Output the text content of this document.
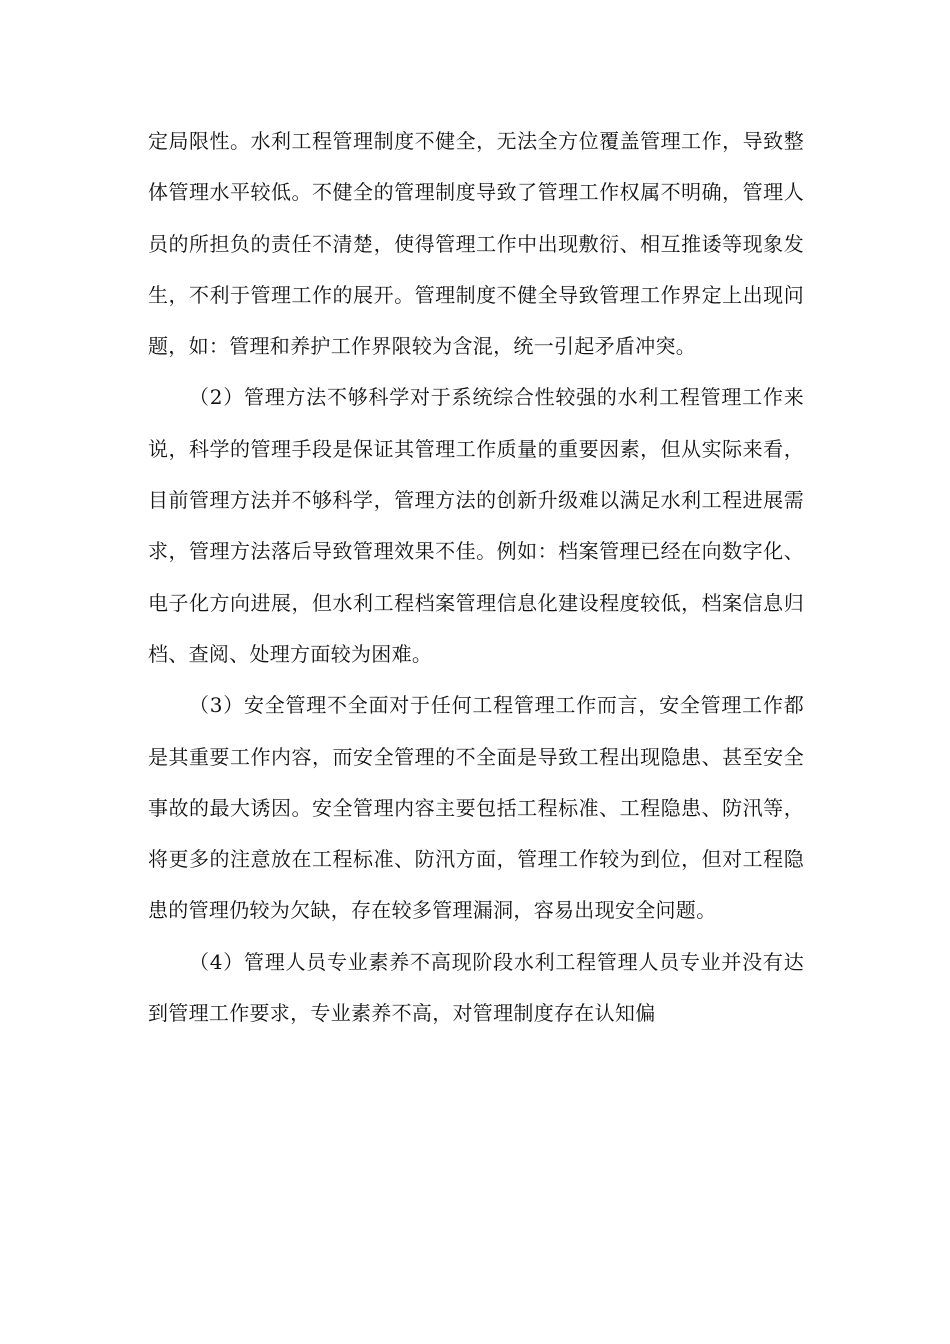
定局限性。水利工程管理制度不健全，无法全方位覆盖管理工作，导致整体管理水平较低。不健全的管理制度导致了管理工作权属不明确，管理人员的所担负的责任不清楚，使得管理工作中出现敷衍、相互推诿等现象发生，不利于管理工作的展开。管理制度不健全导致管理工作界定上出现问题，如：管理和养护工作界限较为含混，统一引起矛盾冲突。

（2）管理方法不够科学对于系统综合性较强的水利工程管理工作来说，科学的管理手段是保证其管理工作质量的重要因素，但从实际来看，目前管理方法并不够科学，管理方法的创新升级难以满足水利工程进展需求，管理方法落后导致管理效果不佳。例如：档案管理已经在向数字化、电子化方向进展，但水利工程档案管理信息化建设程度较低，档案信息归档、查阅、处理方面较为困难。

（3）安全管理不全面对于任何工程管理工作而言，安全管理工作都是其重要工作内容，而安全管理的不全面是导致工程出现隐患、甚至安全事故的最大诱因。安全管理内容主要包括工程标准、工程隐患、防汛等，将更多的注意放在工程标准、防汛方面，管理工作较为到位，但对工程隐患的管理仍较为欠缺，存在较多管理漏洞，容易出现安全问题。

（4）管理人员专业素养不高现阶段水利工程管理人员专业并没有达到管理工作要求，专业素养不高，对管理制度存在认知偏
